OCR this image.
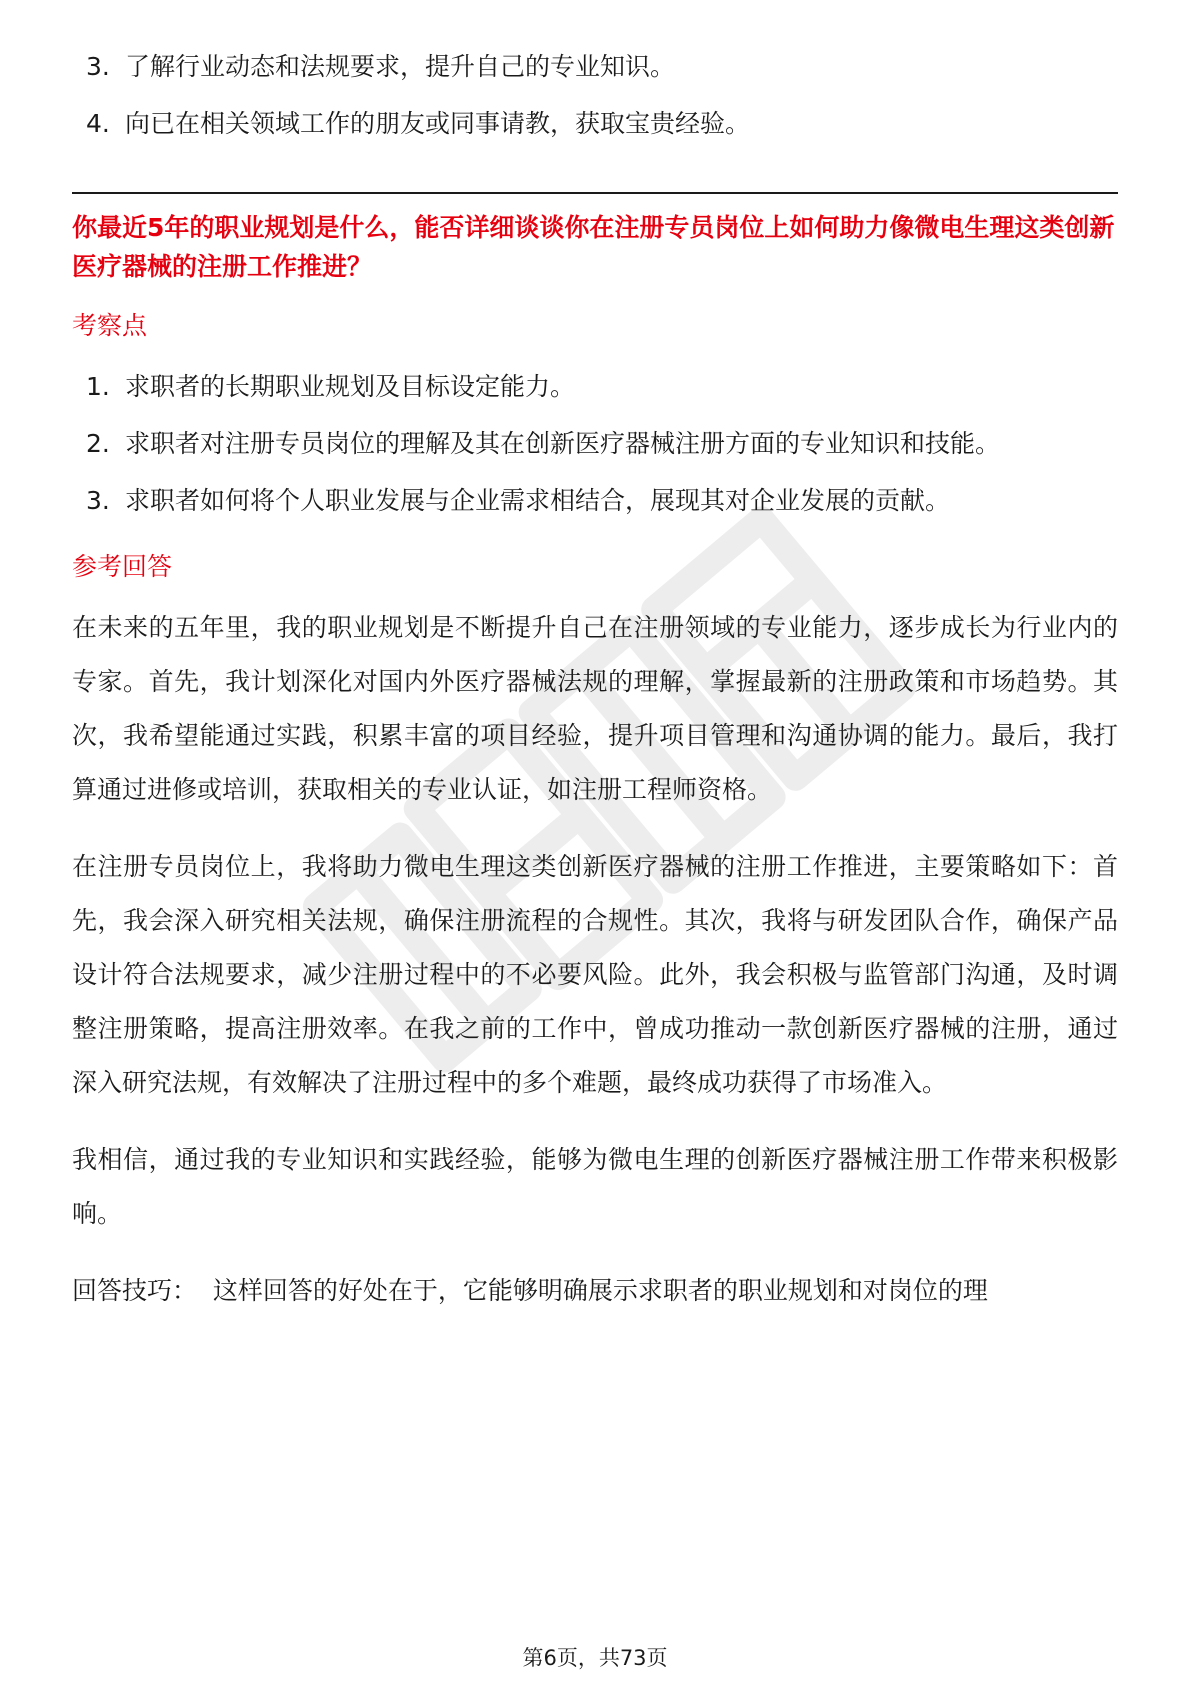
3. 了解行业动态和法规要求，提升自己的专业知识。
4. 向已在相关领域工作的朋友或同事请教，获取宝贵经验。

你最近5年的职业规划是什么，能否详细谈谈你在注册专员岗位上如何助力像微电生理这类创新医疗器械的注册工作推进？

考察点

1. 求职者的长期职业规划及目标设定能力。
2. 求职者对注册专员岗位的理解及其在创新医疗器械注册方面的专业知识和技能。
3. 求职者如何将个人职业发展与企业需求相结合，展现其对企业发展的贡献。

参考回答

在未来的五年里，我的职业规划是不断提升自己在注册领域的专业能力，逐步成长为行业内的专家。首先，我计划深化对国内外医疗器械法规的理解，掌握最新的注册政策和市场趋势。其次，我希望能通过实践，积累丰富的项目经验，提升项目管理和沟通协调的能力。最后，我打算通过进修或培训，获取相关的专业认证，如注册工程师资格。

在注册专员岗位上，我将助力微电生理这类创新医疗器械的注册工作推进，主要策略如下：首先，我会深入研究相关法规，确保注册流程的合规性。其次，我将与研发团队合作，确保产品设计符合法规要求，减少注册过程中的不必要风险。此外，我会积极与监管部门沟通，及时调整注册策略，提高注册效率。在我之前的工作中，曾成功推动一款创新医疗器械的注册，通过深入研究法规，有效解决了注册过程中的多个难题，最终成功获得了市场准入。

我相信，通过我的专业知识和实践经验，能够为微电生理的创新医疗器械注册工作带来积极影响。

回答技巧：  这样回答的好处在于，它能够明确展示求职者的职业规划和对岗位的理

第6页，共73页
